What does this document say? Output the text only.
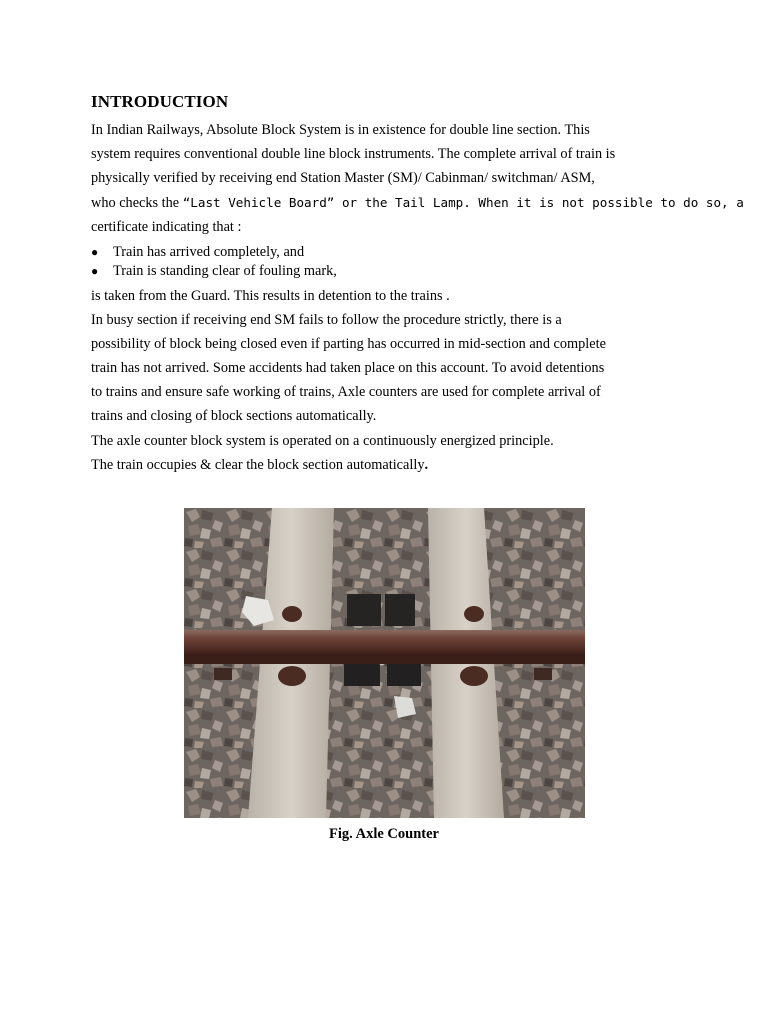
INTRODUCTION
In Indian Railways, Absolute Block System is in existence for double line section. This
system requires conventional double line block instruments. The complete arrival of train is
physically verified by receiving end Station Master (SM)/ Cabinman/ switchman/ ASM,
who checks the “Last Vehicle Board” or the Tail Lamp. When it is not possible to do so, a
certificate indicating that :
● Train has arrived completely, and
● Train is standing clear of fouling mark,
is taken from the Guard. This results in detention to the trains .
In busy section if receiving end SM fails to follow the procedure strictly, there is a
possibility of block being closed even if parting has occurred in mid-section and complete
train has not arrived. Some accidents had taken place on this account. To avoid detentions
to trains and ensure safe working of trains, Axle counters are used for complete arrival of
trains and closing of block sections automatically.
The axle counter block system is operated on a continuously energized principle.
The train occupies & clear the block section automatically.
Fig. Axle Counter
